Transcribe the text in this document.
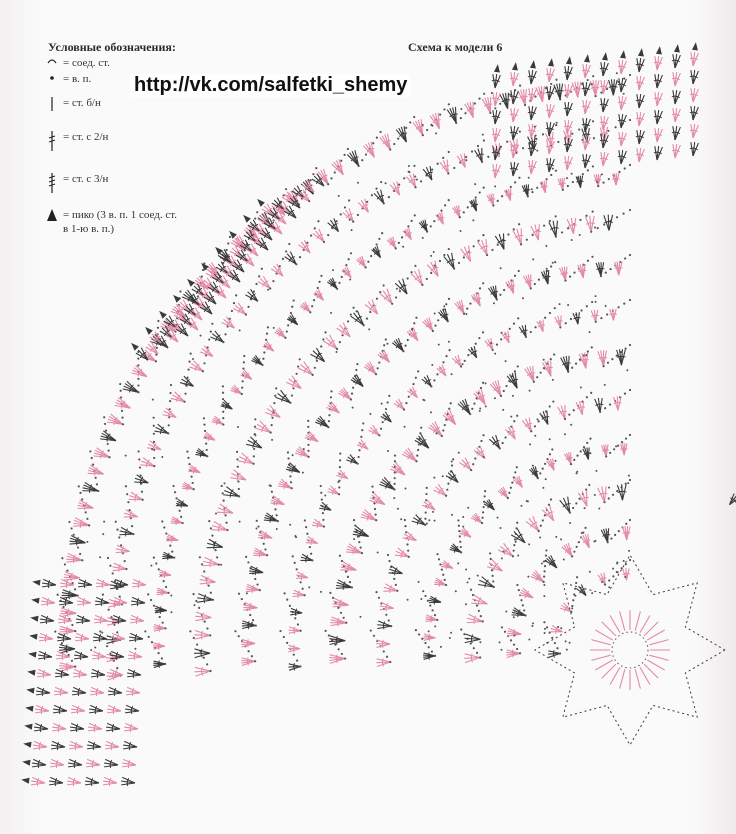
Условные обозначения:	Схема к модели 6
http://vk.com/salfetki_shemy
= соед. ст.
= в. п.
= ст. б/н
= ст. с 2/н
= ст. с 3/н
= пико (3 в. п. 1 соед. ст.
в 1-ю в. п.)
